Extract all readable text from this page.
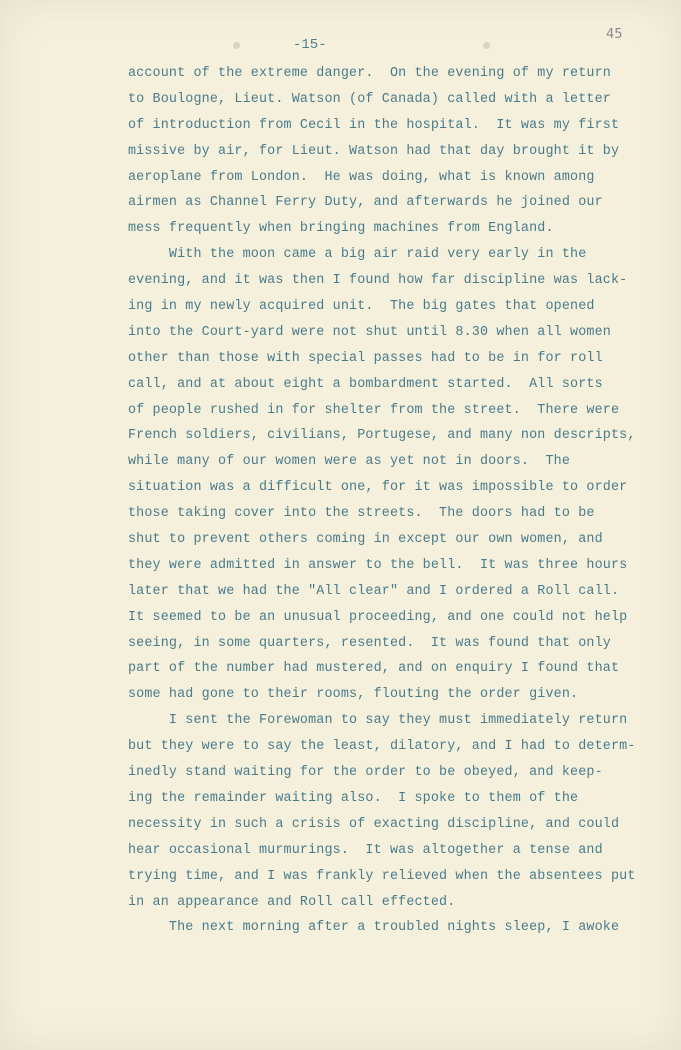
45
-15-
account of the extreme danger.  On the evening of my return
to Boulogne, Lieut. Watson (of Canada) called with a letter
of introduction from Cecil in the hospital.  It was my first
missive by air, for Lieut. Watson had that day brought it by
aeroplane from London.  He was doing, what is known among
airmen as Channel Ferry Duty, and afterwards he joined our
mess frequently when bringing machines from England.
With the moon came a big air raid very early in the
evening, and it was then I found how far discipline was lack-
ing in my newly acquired unit.  The big gates that opened
into the Court-yard were not shut until 8.30 when all women
other than those with special passes had to be in for roll
call, and at about eight a bombardment started.  All sorts
of people rushed in for shelter from the street.  There were
French soldiers, civilians, Portugese, and many non descripts,
while many of our women were as yet not in doors.  The
situation was a difficult one, for it was impossible to order
those taking cover into the streets.  The doors had to be
shut to prevent others coming in except our own women, and
they were admitted in answer to the bell.  It was three hours
later that we had the "All clear" and I ordered a Roll call.
It seemed to be an unusual proceeding, and one could not help
seeing, in some quarters, resented.  It was found that only
part of the number had mustered, and on enquiry I found that
some had gone to their rooms, flouting the order given.
I sent the Forewoman to say they must immediately return
but they were to say the least, dilatory, and I had to determ-
inedly stand waiting for the order to be obeyed, and keep-
ing the remainder waiting also.  I spoke to them of the
necessity in such a crisis of exacting discipline, and could
hear occasional murmurings.  It was altogether a tense and
trying time, and I was frankly relieved when the absentees put
in an appearance and Roll call effected.
The next morning after a troubled nights sleep, I awoke
